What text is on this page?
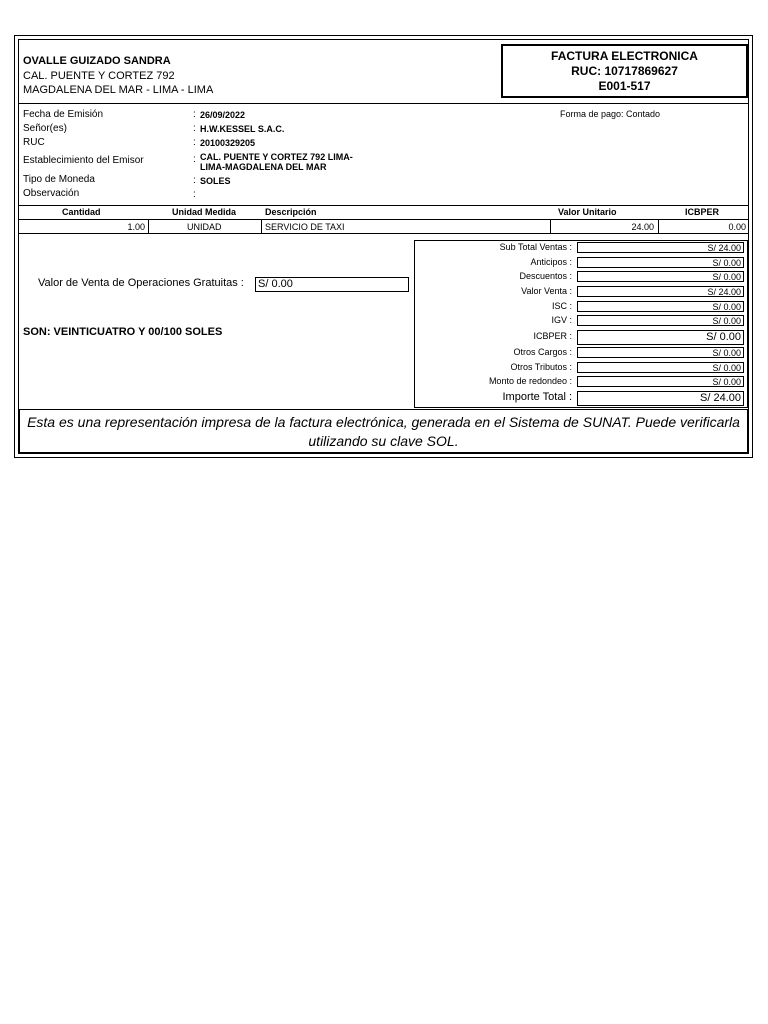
OVALLE GUIZADO SANDRA
CAL. PUENTE Y CORTEZ 792
MAGDALENA DEL MAR - LIMA - LIMA
FACTURA ELECTRONICA
RUC: 10717869627
E001-517
Fecha de Emisión	: 26/09/2022	Forma de pago: Contado
Señor(es)	: H.W.KESSEL S.A.C.
RUC	: 20100329205
Establecimiento del Emisor	: CAL. PUENTE Y CORTEZ 792 LIMA-
LIMA-MAGDALENA DEL MAR
Tipo de Moneda	: SOLES
Observación	:
Cantidad	Unidad Medida	Descripción	Valor Unitario	ICBPER
1.00	UNIDAD	SERVICIO DE TAXI	24.00	0.00
Valor de Venta de Operaciones Gratuitas : S/ 0.00
SON: VEINTICUATRO Y 00/100 SOLES
Sub Total Ventas :	S/ 24.00
Anticipos :	S/ 0.00
Descuentos :	S/ 0.00
Valor Venta :	S/ 24.00
ISC :	S/ 0.00
IGV :	S/ 0.00
ICBPER :	S/ 0.00
Otros Cargos :	S/ 0.00
Otros Tributos :	S/ 0.00
Monto de redondeo :	S/ 0.00
Importe Total :	S/ 24.00
Esta es una representación impresa de la factura electrónica, generada en el Sistema de SUNAT. Puede verificarla utilizando su clave SOL.
